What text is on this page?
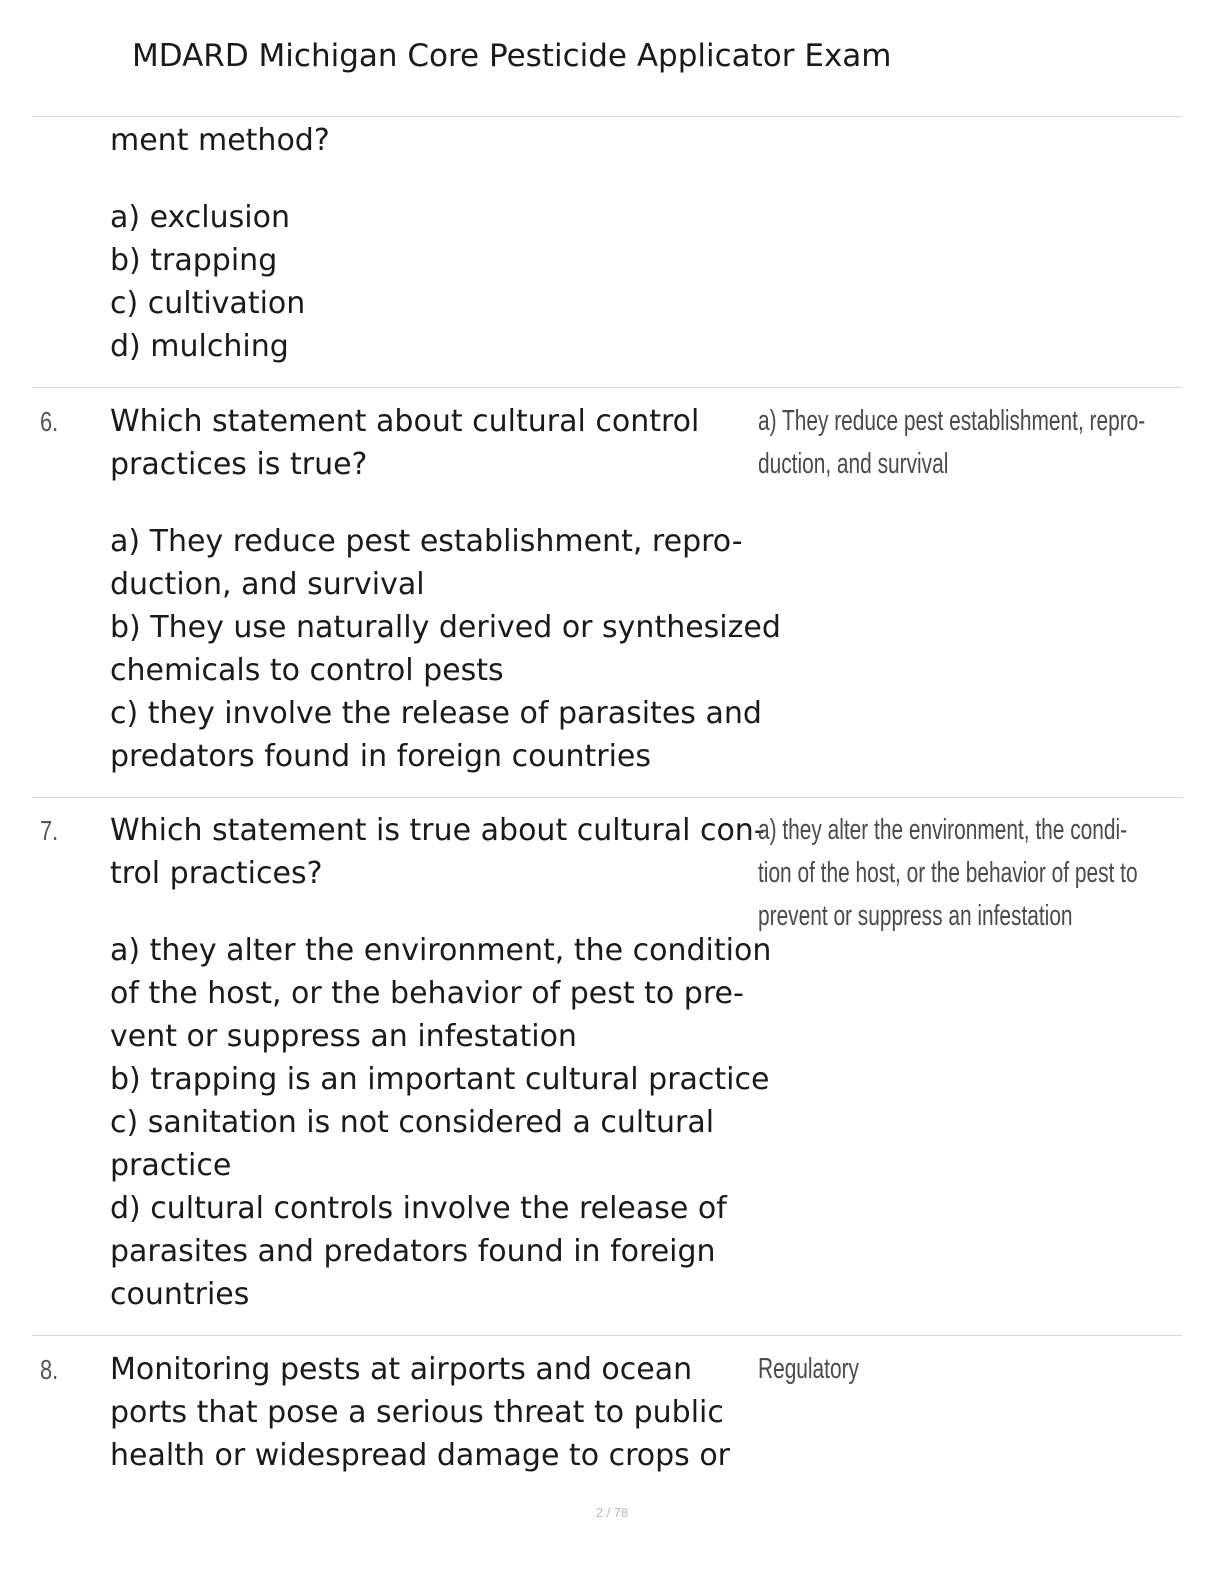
MDARD Michigan Core Pesticide Applicator Exam
ment method?
a) exclusion
b) trapping
c) cultivation
d) mulching
6. Which statement about cultural control
practices is true?
a) They reduce pest establishment, repro-
duction, and survival
a) They reduce pest establishment, repro-
duction, and survival
b) They use naturally derived or synthesized
chemicals to control pests
c) they involve the release of parasites and
predators found in foreign countries
7. Which statement is true about cultural con-
trol practices?
a) they alter the environment, the condi-
tion of the host, or the behavior of pest to
prevent or suppress an infestation
a) they alter the environment, the condition
of the host, or the behavior of pest to pre-
vent or suppress an infestation
b) trapping is an important cultural practice
c) sanitation is not considered a cultural
practice
d) cultural controls involve the release of
parasites and predators found in foreign
countries
8. Monitoring pests at airports and ocean
ports that pose a serious threat to public
health or widespread damage to crops or
Regulatory
2 / 78
